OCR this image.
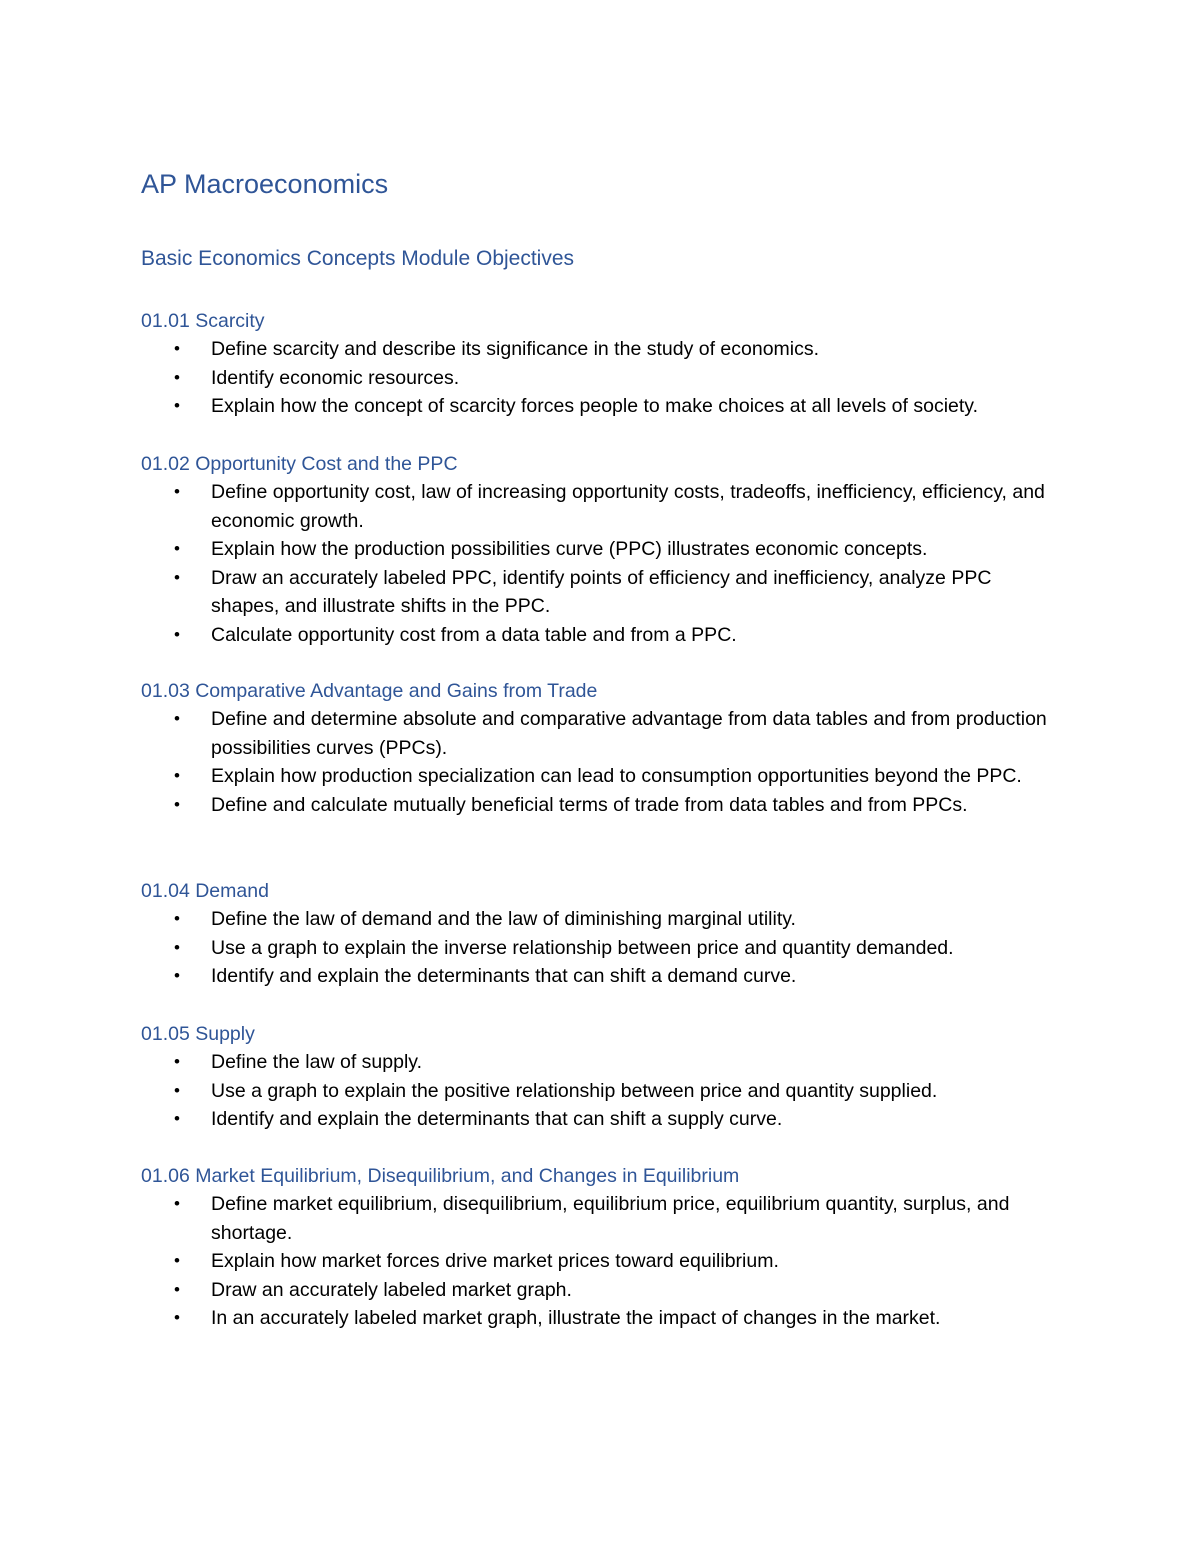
AP Macroeconomics
Basic Economics Concepts Module Objectives
01.01 Scarcity
• Define scarcity and describe its significance in the study of economics.
• Identify economic resources.
• Explain how the concept of scarcity forces people to make choices at all levels of society.
01.02 Opportunity Cost and the PPC
• Define opportunity cost, law of increasing opportunity costs, tradeoffs, inefficiency, efficiency, and economic growth.
• Explain how the production possibilities curve (PPC) illustrates economic concepts.
• Draw an accurately labeled PPC, identify points of efficiency and inefficiency, analyze PPC shapes, and illustrate shifts in the PPC.
• Calculate opportunity cost from a data table and from a PPC.
01.03 Comparative Advantage and Gains from Trade
• Define and determine absolute and comparative advantage from data tables and from production possibilities curves (PPCs).
• Explain how production specialization can lead to consumption opportunities beyond the PPC.
• Define and calculate mutually beneficial terms of trade from data tables and from PPCs.
01.04 Demand
• Define the law of demand and the law of diminishing marginal utility.
• Use a graph to explain the inverse relationship between price and quantity demanded.
• Identify and explain the determinants that can shift a demand curve.
01.05 Supply
• Define the law of supply.
• Use a graph to explain the positive relationship between price and quantity supplied.
• Identify and explain the determinants that can shift a supply curve.
01.06 Market Equilibrium, Disequilibrium, and Changes in Equilibrium
• Define market equilibrium, disequilibrium, equilibrium price, equilibrium quantity, surplus, and shortage.
• Explain how market forces drive market prices toward equilibrium.
• Draw an accurately labeled market graph.
• In an accurately labeled market graph, illustrate the impact of changes in the market.
